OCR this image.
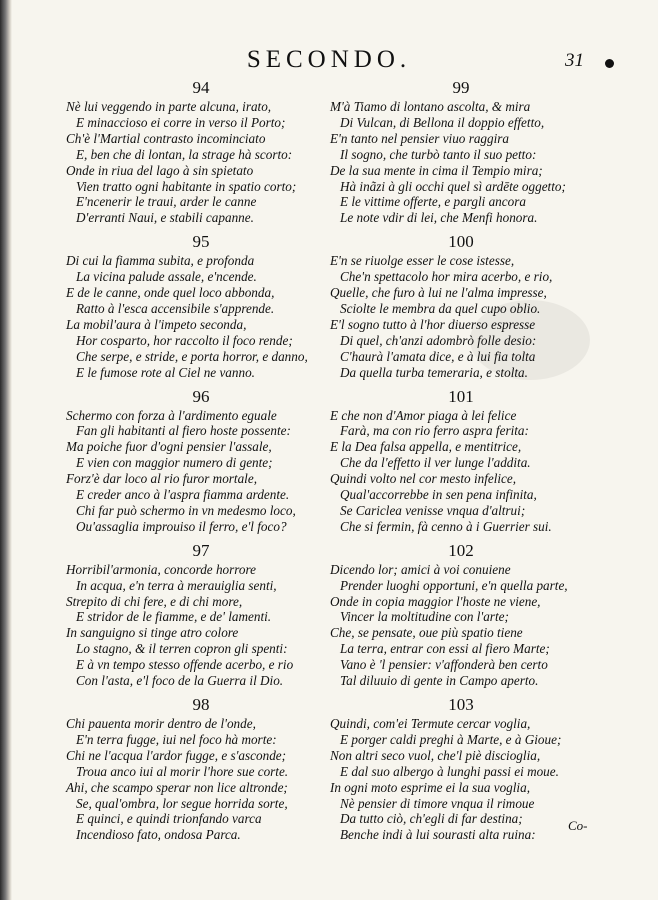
SECONDO.	31
94
Nè lui veggendo in parte alcuna, irato,
E minaccioso ei corre in verso il Porto;
Ch'è l'Martial contrasto incominciato
E, ben che di lontan, la strage hà scorto:
Onde in riua del lago à sin spietato
Vien tratto ogni habitante in spatio corto;
E'ncenerir le traui, arder le canne
D'erranti Naui, e stabili capanne.
95
Di cui la fiamma subita, e profonda
La vicina palude assale, e'ncende.
E de le canne, onde quel loco abbonda,
Ratto à l'esca accensibile s'apprende.
La mobil'aura à l'impeto seconda,
Hor cosparto, hor raccolto il foco rende;
Che serpe, e stride, e porta horror, e danno,
E le fumose rote al Ciel ne vanno.
96
Schermo con forza à l'ardimento eguale
Fan gli habitanti al fiero hoste possente:
Ma poiche fuor d'ogni pensier l'assale,
E vien con maggior numero di gente;
Forz'è dar loco al rio furor mortale,
E creder anco à l'aspra fiamma ardente.
Chi far può schermo in vn medesmo loco,
Ou'assaglia improuiso il ferro, e'l foco?
97
Horribil'armonia, concorde horrore
In acqua, e'n terra à merauiglia senti,
Strepito di chi fere, e di chi more,
E stridor de le fiamme, e de' lamenti.
In sanguigno si tinge atro colore
Lo stagno, & il terren copron gli spenti:
E à vn tempo stesso offende acerbo, e rio
Con l'asta, e'l foco de la Guerra il Dio.
98
Chi pauenta morir dentro de l'onde,
E'n terra fugge, iui nel foco hà morte:
Chi ne l'acqua l'ardor fugge, e s'asconde;
Troua anco iui al morir l'hore sue corte.
Ahi, che scampo sperar non lice altronde;
Se, qual'ombra, lor segue horrida sorte,
E quinci, e quindi trionfando varca
Incendioso fato, ondosa Parca.
99
M'à Tiamo di lontano ascolta, & mira
Di Vulcan, di Bellona il doppio effetto,
E'n tanto nel pensier viuo raggira
Il sogno, che turbò tanto il suo petto:
De la sua mente in cima il Tempio mira;
Hà inãzi à gli occhi quel sì ardēte oggetto;
E le vittime offerte, e pargli ancora
Le note vdir di lei, che Menfi honora.
100
E'n se riuolge esser le cose istesse,
Che'n spettacolo hor mira acerbo, e rio,
Quelle, che furo à lui ne l'alma impresse,
Sciolte le membra da quel cupo oblio.
E'l sogno tutto à l'hor diuerso espresse
Di quel, ch'anzi adombrò folle desio:
C'haurà l'amata dice, e à lui fia tolta
Da quella turba temeraria, e stolta.
101
E che non d'Amor piaga à lei felice
Farà, ma con rio ferro aspra ferita:
E la Dea falsa appella, e mentitrice,
Che da l'effetto il ver lunge l'addita.
Quindi volto nel cor mesto infelice,
Qual'accorrebbe in sen pena infinita,
Se Cariclea venisse vnqua d'altrui;
Che si fermin, fà cenno à i Guerrier sui.
102
Dicendo lor; amici à voi conuiene
Prender luoghi opportuni, e'n quella parte,
Onde in copia maggior l'hoste ne viene,
Vincer la moltitudine con l'arte;
Che, se pensate, oue più spatio tiene
La terra, entrar con essi al fiero Marte;
Vano è 'l pensier: v'affonderà ben certo
Tal diluuio di gente in Campo aperto.
103
Quindi, com'ei Termute cercar voglia,
E porger caldi preghi à Marte, e à Gioue;
Non altri seco vuol, che'l piè discioglia,
E dal suo albergo à lunghi passi ei moue.
In ogni moto esprime ei la sua voglia,
Nè pensier di timore vnqua il rimoue
Da tutto ciò, ch'egli di far destina;
Benche indi à lui sourasti alta ruina:
Co-
